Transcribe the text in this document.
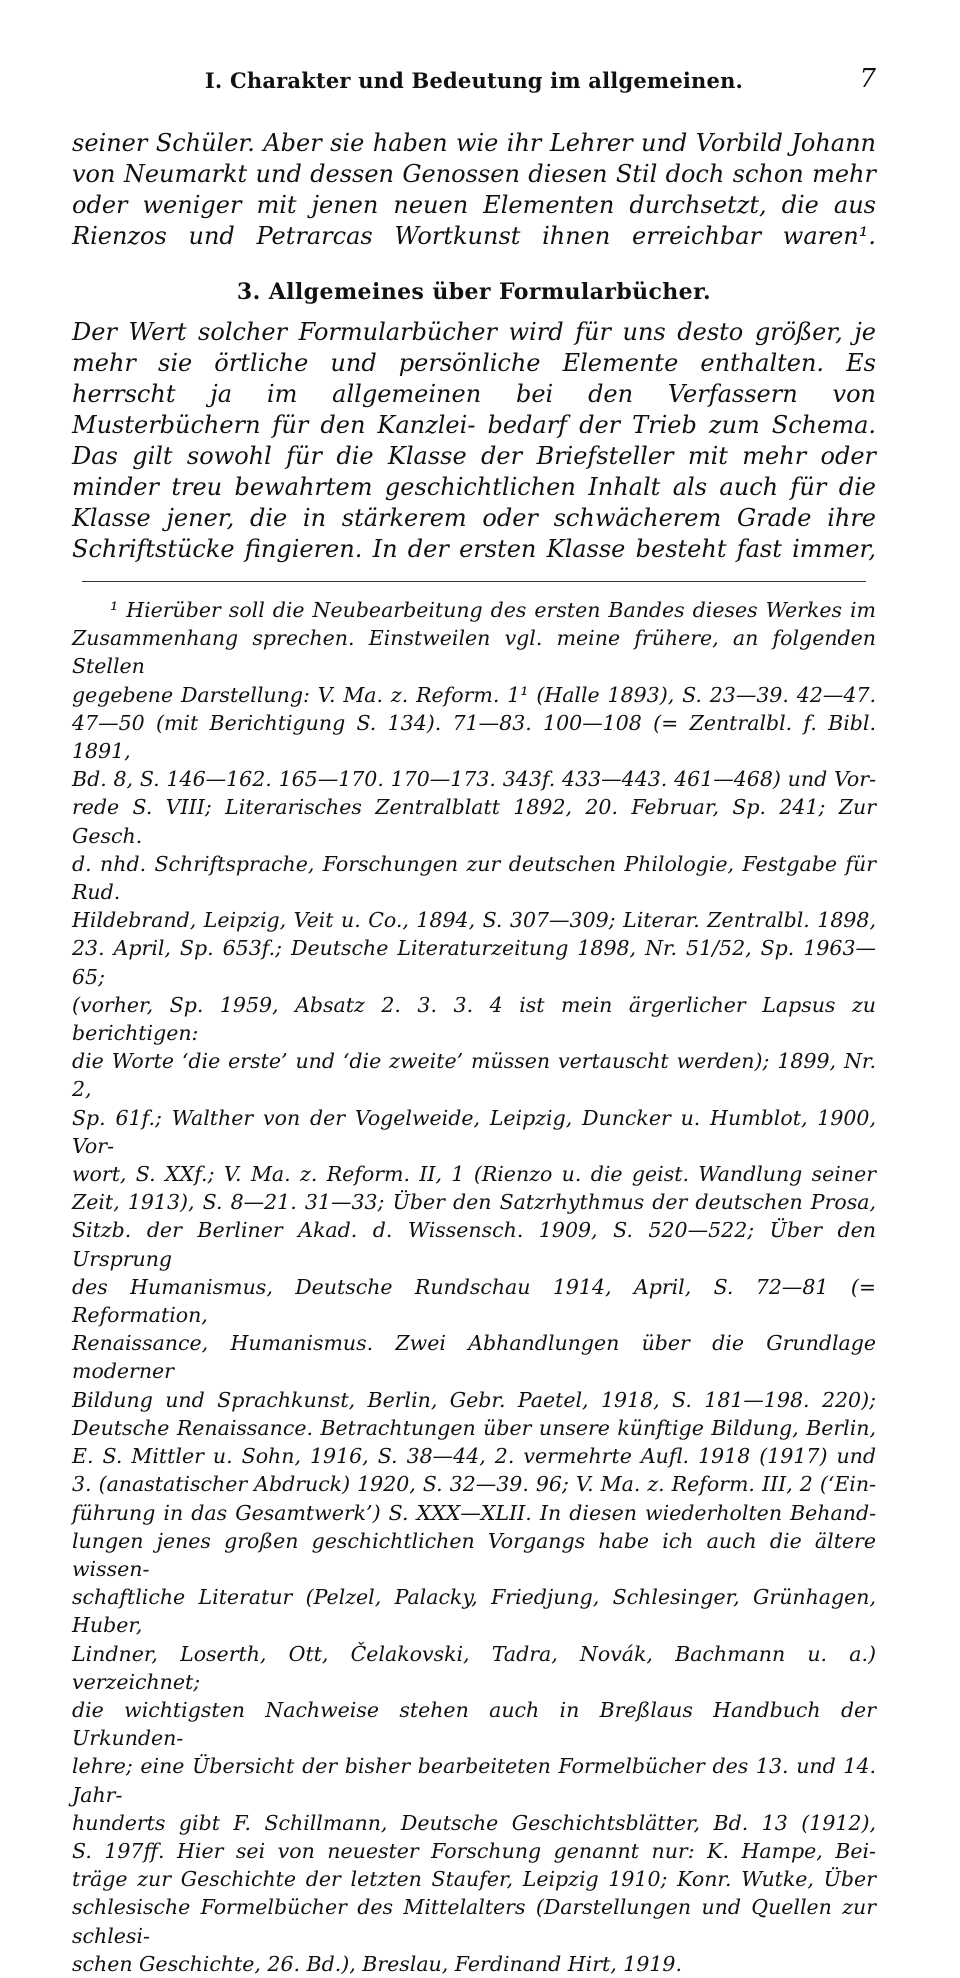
I. Charakter und Bedeutung im allgemeinen.	7
seiner Schüler. Aber sie haben wie ihr Lehrer und Vorbild Johann von Neumarkt und dessen Genossen diesen Stil doch schon mehr oder weniger mit jenen neuen Elementen durchsetzt, die aus Rienzos und Petrarcas Wortkunst ihnen erreichbar waren¹.
3. Allgemeines über Formularbücher.
Der Wert solcher Formularbücher wird für uns desto größer, je mehr sie örtliche und persönliche Elemente enthalten. Es herrscht ja im allgemeinen bei den Verfassern von Musterbüchern für den Kanzlei- bedarf der Trieb zum Schema. Das gilt sowohl für die Klasse der Briefsteller mit mehr oder minder treu bewahrtem geschichtlichen Inhalt als auch für die Klasse jener, die in stärkerem oder schwächerem Grade ihre Schriftstücke fingieren. In der ersten Klasse besteht fast immer,
¹ Hierüber soll die Neubearbeitung des ersten Bandes dieses Werkes im
Zusammenhang sprechen. Einstweilen vgl. meine frühere, an folgenden Stellen
gegebene Darstellung: V. Ma. z. Reform. 1¹ (Halle 1893), S. 23—39. 42—47.
47—50 (mit Berichtigung S. 134). 71—83. 100—108 (= Zentralbl. f. Bibl. 1891,
Bd. 8, S. 146—162. 165—170. 170—173. 343f. 433—443. 461—468) und Vor-
rede S. VIII; Literarisches Zentralblatt 1892, 20. Februar, Sp. 241; Zur Gesch.
d. nhd. Schriftsprache, Forschungen zur deutschen Philologie, Festgabe für Rud.
Hildebrand, Leipzig, Veit u. Co., 1894, S. 307—309; Literar. Zentralbl. 1898,
23. April, Sp. 653f.; Deutsche Literaturzeitung 1898, Nr. 51/52, Sp. 1963—65;
(vorher, Sp. 1959, Absatz 2. 3. 3. 4 ist mein ärgerlicher Lapsus zu berichtigen:
die Worte ‘die erste’ und ‘die zweite’ müssen vertauscht werden); 1899, Nr. 2,
Sp. 61f.; Walther von der Vogelweide, Leipzig, Duncker u. Humblot, 1900, Vor-
wort, S. XXf.; V. Ma. z. Reform. II, 1 (Rienzo u. die geist. Wandlung seiner
Zeit, 1913), S. 8—21. 31—33; Über den Satzrhythmus der deutschen Prosa,
Sitzb. der Berliner Akad. d. Wissensch. 1909, S. 520—522; Über den Ursprung
des Humanismus, Deutsche Rundschau 1914, April, S. 72—81 (= Reformation,
Renaissance, Humanismus. Zwei Abhandlungen über die Grundlage moderner
Bildung und Sprachkunst, Berlin, Gebr. Paetel, 1918, S. 181—198. 220);
Deutsche Renaissance. Betrachtungen über unsere künftige Bildung, Berlin,
E. S. Mittler u. Sohn, 1916, S. 38—44, 2. vermehrte Aufl. 1918 (1917) und
3. (anastatischer Abdruck) 1920, S. 32—39. 96; V. Ma. z. Reform. III, 2 (‘Ein-
führung in das Gesamtwerk’) S. XXX—XLII. In diesen wiederholten Behand-
lungen jenes großen geschichtlichen Vorgangs habe ich auch die ältere wissen-
schaftliche Literatur (Pelzel, Palacky, Friedjung, Schlesinger, Grünhagen, Huber,
Lindner, Loserth, Ott, Čelakovski, Tadra, Novák, Bachmann u. a.) verzeichnet;
die wichtigsten Nachweise stehen auch in Breßlaus Handbuch der Urkunden-
lehre; eine Übersicht der bisher bearbeiteten Formelbücher des 13. und 14. Jahr-
hunderts gibt F. Schillmann, Deutsche Geschichtsblätter, Bd. 13 (1912),
S. 197ff. Hier sei von neuester Forschung genannt nur: K. Hampe, Bei-
träge zur Geschichte der letzten Staufer, Leipzig 1910; Konr. Wutke, Über
schlesische Formelbücher des Mittelalters (Darstellungen und Quellen zur schlesi-
schen Geschichte, 26. Bd.), Breslau, Ferdinand Hirt, 1919.
